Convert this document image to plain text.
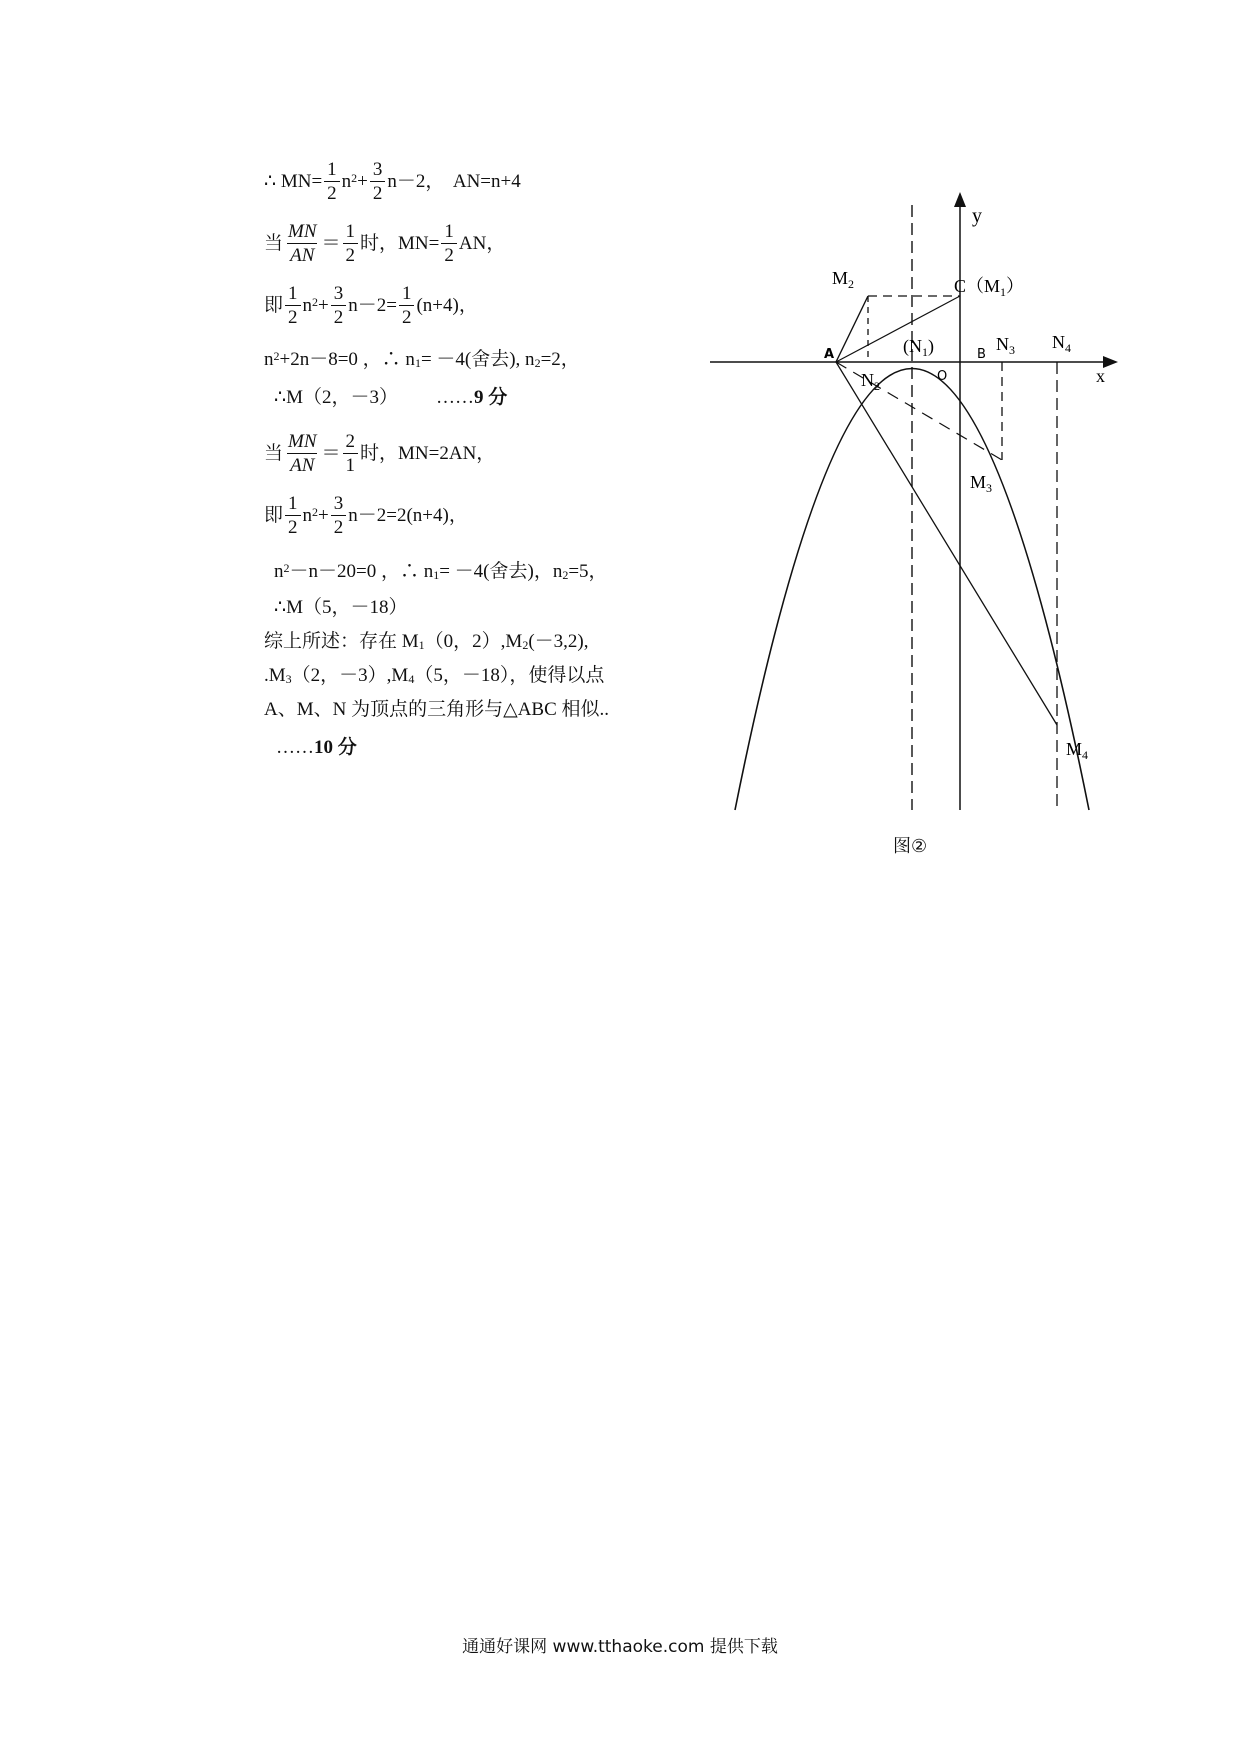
∴ $MN= \frac{1}{2} n^2 + \frac{3}{2} n-2$，  AN=n+4
当 $\frac{MN}{AN} = \frac{1}{2}$ 时，$MN= \frac{1}{2}$ AN，
即 $\frac{1}{2} n^2 + \frac{3}{2} n-2= \frac{1}{2} (n+4)$，
$n^2 +2n-8=0$ ，∴ $n_1 = -4$(舍去), $n_2 =2$，
∴M（2，－3）        …… 9 分
当 $\frac{MN}{AN} = \frac{2}{1}$ 时，MN=2AN，
即 $\frac{1}{2} n^2 + \frac{3}{2} n-2=2(n+4)$，
$n^2 -n-20=0$ ，∴ $n_1 = -4$(舍去)，$n_2 =5$，
∴M（5，－18）
综上所述：存在 $M_1$ （0，$2),M_2$ (－3,2),
$.M_3$ （2，$-3),M_4$ （5，－18），使得以点
A、M、N 为顶点的三角形与△ABC 相似..
…… 10 分
y
x
O
A	B
$C(M_1)$
$M_2$
$(N_1)$
$N_2$
$N_3$ $N_4$
$M_3$
$M_4$
图②
通通好课网 www.tthaoke.com 提供下载
